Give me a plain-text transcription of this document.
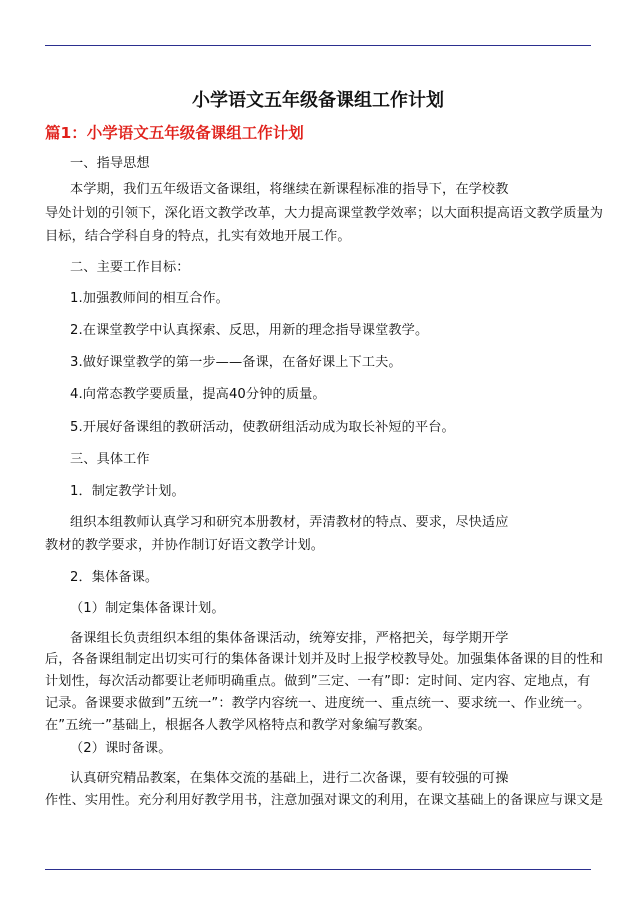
小学语文五年级备课组工作计划
篇1：小学语文五年级备课组工作计划
一、指导思想
本学期，我们五年级语文备课组，将继续在新课程标准的指导下，在学校教
导处计划的引领下，深化语文教学改革，大力提高课堂教学效率；以大面积提高语文教学质量为
目标，结合学科自身的特点，扎实有效地开展工作。
二、主要工作目标：
1.加强教师间的相互合作。
2.在课堂教学中认真探索、反思，用新的理念指导课堂教学。
3.做好课堂教学的第一步——备课，在备好课上下工夫。
4.向常态教学要质量，提高40分钟的质量。
5.开展好备课组的教研活动，使教研组活动成为取长补短的平台。
三、具体工作
1．制定教学计划。
组织本组教师认真学习和研究本册教材，弄清教材的特点、要求，尽快适应
教材的教学要求，并协作制订好语文教学计划。
2．集体备课。
（1）制定集体备课计划。
备课组长负责组织本组的集体备课活动，统筹安排，严格把关，每学期开学
后，各备课组制定出切实可行的集体备课计划并及时上报学校教导处。加强集体备课的目的性和
计划性，每次活动都要让老师明确重点。做到”三定、一有”即：定时间、定内容、定地点，有
记录。备课要求做到”五统一”：教学内容统一、进度统一、重点统一、要求统一、作业统一。
在”五统一”基础上，根据各人教学风格特点和教学对象编写教案。
（2）课时备课。
认真研究精品教案，在集体交流的基础上，进行二次备课，要有较强的可操
作性、实用性。充分利用好教学用书，注意加强对课文的利用，在课文基础上的备课应与课文是
